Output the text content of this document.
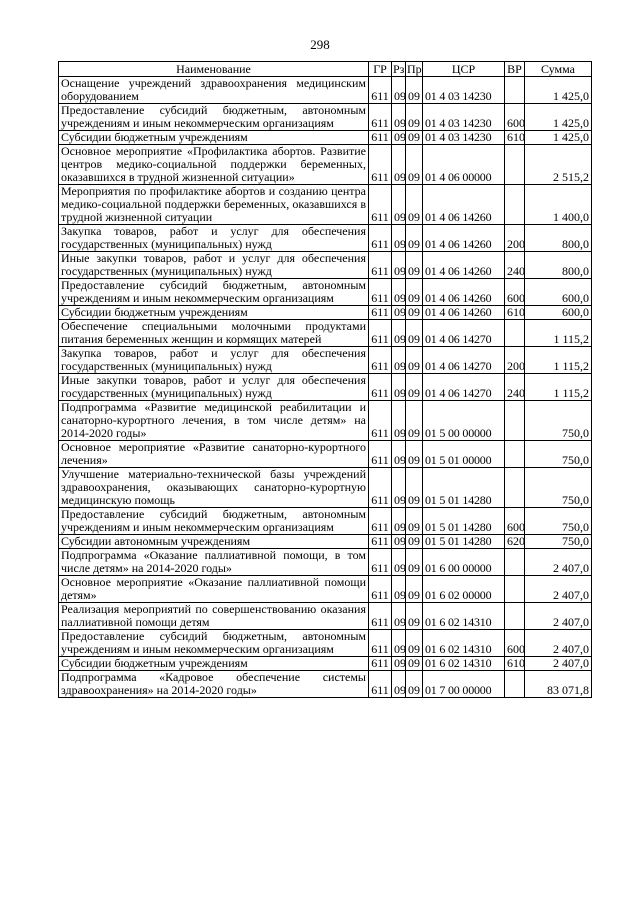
298
Наименование	ГР	Рз	Пр	ЦСР	ВР	Сумма
Оснащение учреждений здравоохранения медицинским оборудованием	611	09	09	01 4 03 14230		1 425,0
Предоставление субсидий бюджетным, автономным учреждениям и иным некоммерческим организациям	611	09	09	01 4 03 14230	600	1 425,0
Субсидии бюджетным учреждениям	611	09	09	01 4 03 14230	610	1 425,0
Основное мероприятие «Профилактика абортов. Развитие центров медико-социальной поддержки беременных, оказавшихся в трудной жизненной ситуации»	611	09	09	01 4 06 00000		2 515,2
Мероприятия по профилактике абортов и созданию центра медико-социальной поддержки беременных, оказавшихся в трудной жизненной ситуации	611	09	09	01 4 06 14260		1 400,0
Закупка товаров, работ и услуг для обеспечения государственных (муниципальных) нужд	611	09	09	01 4 06 14260	200	800,0
Иные закупки товаров, работ и услуг для обеспечения государственных (муниципальных) нужд	611	09	09	01 4 06 14260	240	800,0
Предоставление субсидий бюджетным, автономным учреждениям и иным некоммерческим организациям	611	09	09	01 4 06 14260	600	600,0
Субсидии бюджетным учреждениям	611	09	09	01 4 06 14260	610	600,0
Обеспечение специальными молочными продуктами питания беременных женщин и кормящих матерей	611	09	09	01 4 06 14270		1 115,2
Закупка товаров, работ и услуг для обеспечения государственных (муниципальных) нужд	611	09	09	01 4 06 14270	200	1 115,2
Иные закупки товаров, работ и услуг для обеспечения государственных (муниципальных) нужд	611	09	09	01 4 06 14270	240	1 115,2
Подпрограмма «Развитие медицинской реабилитации и санаторно-курортного лечения, в том числе детям» на 2014-2020 годы»	611	09	09	01 5 00 00000		750,0
Основное мероприятие «Развитие санаторно-курортного лечения»	611	09	09	01 5 01 00000		750,0
Улучшение материально-технической базы учреждений здравоохранения, оказывающих санаторно-курортную медицинскую помощь	611	09	09	01 5 01 14280		750,0
Предоставление субсидий бюджетным, автономным учреждениям и иным некоммерческим организациям	611	09	09	01 5 01 14280	600	750,0
Субсидии автономным учреждениям	611	09	09	01 5 01 14280	620	750,0
Подпрограмма «Оказание паллиативной помощи, в том числе детям» на 2014-2020 годы»	611	09	09	01 6 00 00000		2 407,0
Основное мероприятие «Оказание паллиативной помощи детям»	611	09	09	01 6 02 00000		2 407,0
Реализация мероприятий по совершенствованию оказания паллиативной помощи детям	611	09	09	01 6 02 14310		2 407,0
Предоставление субсидий бюджетным, автономным учреждениям и иным некоммерческим организациям	611	09	09	01 6 02 14310	600	2 407,0
Субсидии бюджетным учреждениям	611	09	09	01 6 02 14310	610	2 407,0
Подпрограмма «Кадровое обеспечение системы здравоохранения» на 2014-2020 годы»	611	09	09	01 7 00 00000		83 071,8
